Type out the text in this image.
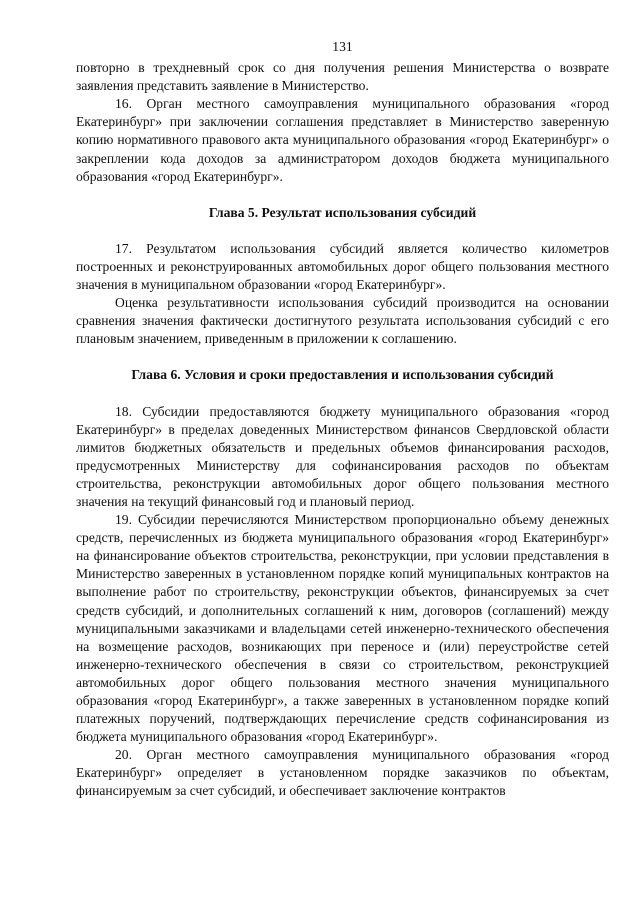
131

повторно в трехдневный срок со дня получения решения Министерства о возврате заявления представить заявление в Министерство.

16. Орган местного самоуправления муниципального образования «город Екатеринбург» при заключении соглашения представляет в Министерство заверенную копию нормативного правового акта муниципального образования «город Екатеринбург» о закреплении кода доходов за администратором доходов бюджета муниципального образования «город Екатеринбург».

Глава 5. Результат использования субсидий

17. Результатом использования субсидий является количество километров построенных и реконструированных автомобильных дорог общего пользования местного значения в муниципальном образовании «город Екатеринбург».

Оценка результативности использования субсидий производится на основании сравнения значения фактически достигнутого результата использования субсидий с его плановым значением, приведенным в приложении к соглашению.

Глава 6. Условия и сроки предоставления и использования субсидий

18. Субсидии предоставляются бюджету муниципального образования «город Екатеринбург» в пределах доведенных Министерством финансов Свердловской области лимитов бюджетных обязательств и предельных объемов финансирования расходов, предусмотренных Министерству для софинансирования расходов по объектам строительства, реконструкции автомобильных дорог общего пользования местного значения на текущий финансовый год и плановый период.

19. Субсидии перечисляются Министерством пропорционально объему денежных средств, перечисленных из бюджета муниципального образования «город Екатеринбург» на финансирование объектов строительства, реконструкции, при условии представления в Министерство заверенных в установленном порядке копий муниципальных контрактов на выполнение работ по строительству, реконструкции объектов, финансируемых за счет средств субсидий, и дополнительных соглашений к ним, договоров (соглашений) между муниципальными заказчиками и владельцами сетей инженерно-технического обеспечения на возмещение расходов, возникающих при переносе и (или) переустройстве сетей инженерно-технического обеспечения в связи со строительством, реконструкцией автомобильных дорог общего пользования местного значения муниципального образования «город Екатеринбург», а также заверенных в установленном порядке копий платежных поручений, подтверждающих перечисление средств софинансирования из бюджета муниципального образования «город Екатеринбург».

20. Орган местного самоуправления муниципального образования «город Екатеринбург» определяет в установленном порядке заказчиков по объектам, финансируемым за счет субсидий, и обеспечивает заключение контрактов
